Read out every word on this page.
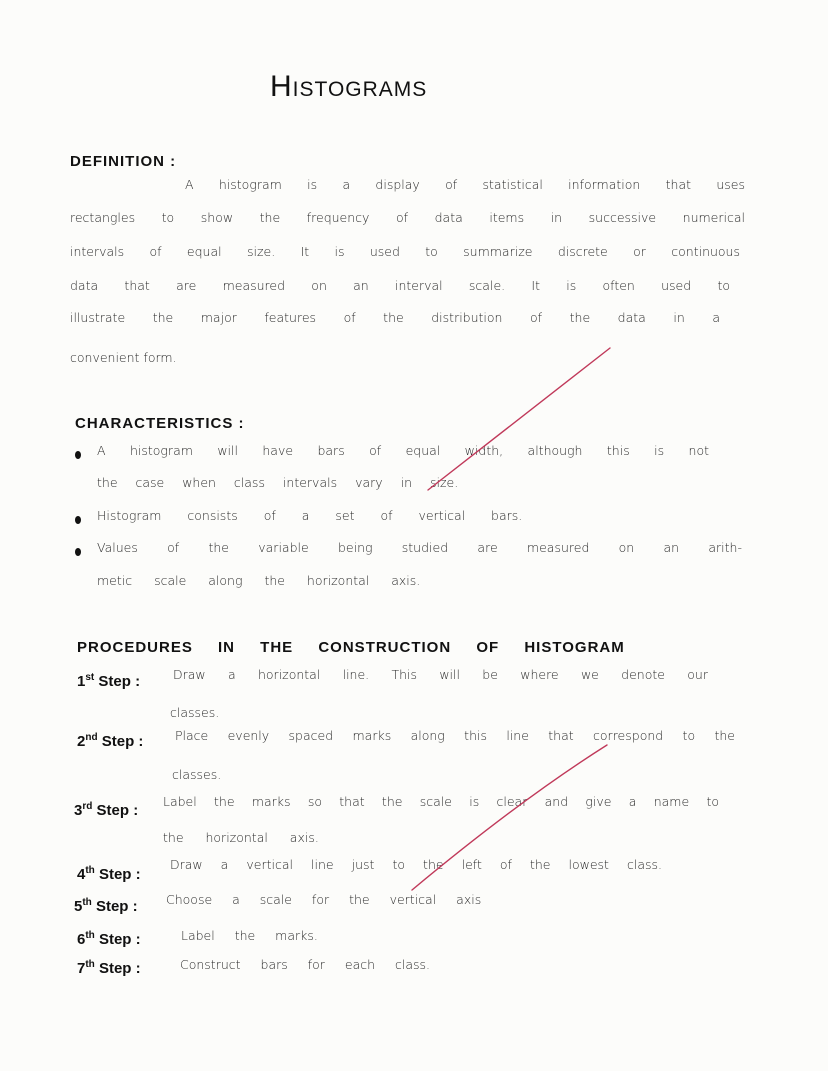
Histograms
DEFINITION :
A histogram is a display of statistical information that uses
rectangles to show the frequency of data items in successive numerical
intervals of equal size. It is used to summarize discrete or continuous
data that are measured on an interval scale. It is often used to
illustrate the major features of the distribution of the data in a
convenient form.
CHARACTERISTICS :
A histogram will have bars of equal width, although this is not
the case when class intervals vary in size.
Histogram consists of a set of vertical bars.
Values of the variable being studied are measured on an arith-
metic scale along the horizontal axis.
PROCEDURES IN THE CONSTRUCTION OF HISTOGRAM
1st Step :	Draw a horizontal line. This will be where we denote our
classes.
2nd Step :	Place evenly spaced marks along this line that correspond to the
classes.
3rd Step :
Label the marks so that the scale is clear and give a name to
the horizontal axis.
4th Step :
Draw a vertical line just to the left of the lowest class.
5th Step : Choose a scale for the vertical axis
6th Step :	Label the marks.
7th Step :	Construct bars for each class.
